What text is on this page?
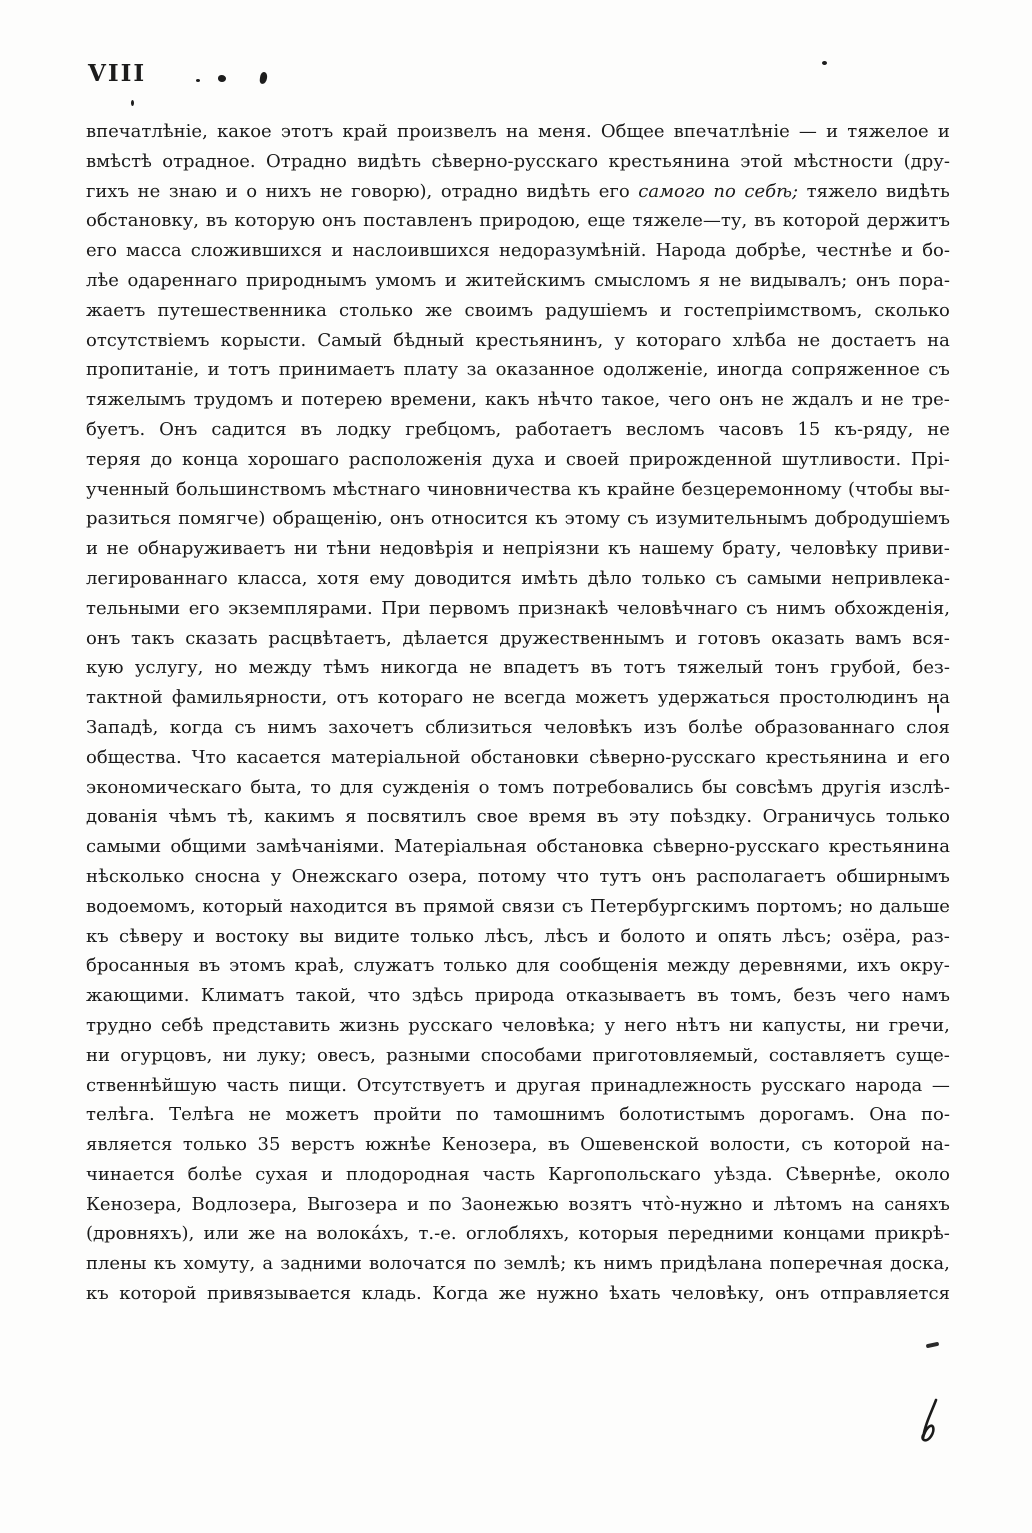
VIII
впечатлѣніе, какое этотъ край произвелъ на меня. Общее впечатлѣніе — и тяжелое и
вмѣстѣ отрадное. Отрадно видѣть сѣверно-русскаго крестьянина этой мѣстности (дру-
гихъ не знаю и о нихъ не говорю), отрадно видѣть его самого по себѣ; тяжело видѣть
обстановку, въ которую онъ поставленъ природою, еще тяжеле—ту, въ которой держитъ
его масса сложившихся и наслоившихся недоразумѣній. Народа добрѣе, честнѣе и бо-
лѣе одареннаго природнымъ умомъ и житейскимъ смысломъ я не видывалъ; онъ пора-
жаетъ путешественника столько же своимъ радушіемъ и гостепріимствомъ, сколько
отсутствіемъ корысти. Самый бѣдный крестьянинъ, у котораго хлѣба не достаетъ на
пропитаніе, и тотъ принимаетъ плату за оказанное одолженіе, иногда сопряженное съ
тяжелымъ трудомъ и потерею времени, какъ нѣчто такое, чего онъ не ждалъ и не тре-
буетъ. Онъ садится въ лодку гребцомъ, работаетъ весломъ часовъ 15 къ-ряду, не
теряя до конца хорошаго расположенія духа и своей прирожденной шутливости. Прі-
ученный большинствомъ мѣстнаго чиновничества къ крайне безцеремонному (чтобы вы-
разиться помягче) обращенію, онъ относится къ этому съ изумительнымъ добродушіемъ
и не обнаруживаетъ ни тѣни недовѣрія и непріязни къ нашему брату, человѣку приви-
легированнаго класса, хотя ему доводится имѣть дѣло только съ самыми непривлека-
тельными его экземплярами. При первомъ признакѣ человѣчнаго съ нимъ обхожденія,
онъ такъ сказать расцвѣтаетъ, дѣлается дружественнымъ и готовъ оказать вамъ вся-
кую услугу, но между тѣмъ никогда не впадетъ въ тотъ тяжелый тонъ грубой, без-
тактной фамильярности, отъ котораго не всегда можетъ удержаться простолюдинъ на
Западѣ, когда съ нимъ захочетъ сблизиться человѣкъ изъ болѣе образованнаго слоя
общества. Что касается матеріальной обстановки сѣверно-русскаго крестьянина и его
экономическаго быта, то для сужденія о томъ потребовались бы совсѣмъ другія изслѣ-
дованія чѣмъ тѣ, какимъ я посвятилъ свое время въ эту поѣздку. Ограничусь только
самыми общими замѣчаніями. Матеріальная обстановка сѣверно-русскаго крестьянина
нѣсколько сносна у Онежскаго озера, потому что тутъ онъ располагаетъ обширнымъ
водоемомъ, который находится въ прямой связи съ Петербургскимъ портомъ; но дальше
къ сѣверу и востоку вы видите только лѣсъ, лѣсъ и болото и опять лѣсъ; озёра, раз-
бросанныя въ этомъ краѣ, служатъ только для сообщенія между деревнями, ихъ окру-
жающими. Климатъ такой, что здѣсь природа отказываетъ въ томъ, безъ чего намъ
трудно себѣ представить жизнь русскаго человѣка; у него нѣтъ ни капусты, ни гречи,
ни огурцовъ, ни луку; овесъ, разными способами приготовляемый, составляетъ суще-
ственнѣйшую часть пищи. Отсутствуетъ и другая принадлежность русскаго народа —
телѣга. Телѣга не можетъ пройти по тамошнимъ болотистымъ дорогамъ. Она по-
является только 35 верстъ южнѣе Кенозера, въ Ошевенской волости, съ которой на-
чинается болѣе сухая и плодородная часть Каргопольскаго уѣзда. Сѣвернѣе, около
Кенозера, Водлозера, Выгозера и по Заонежью возятъ что̀-нужно и лѣтомъ на саняхъ
(дровняхъ), или же на волока́хъ, т.-е. оглобляхъ, которыя передними концами прикрѣ-
плены къ хомуту, а задними волочатся по землѣ; къ нимъ придѣлана поперечная доска,
къ которой привязывается кладь. Когда же нужно ѣхать человѣку, онъ отправляется
